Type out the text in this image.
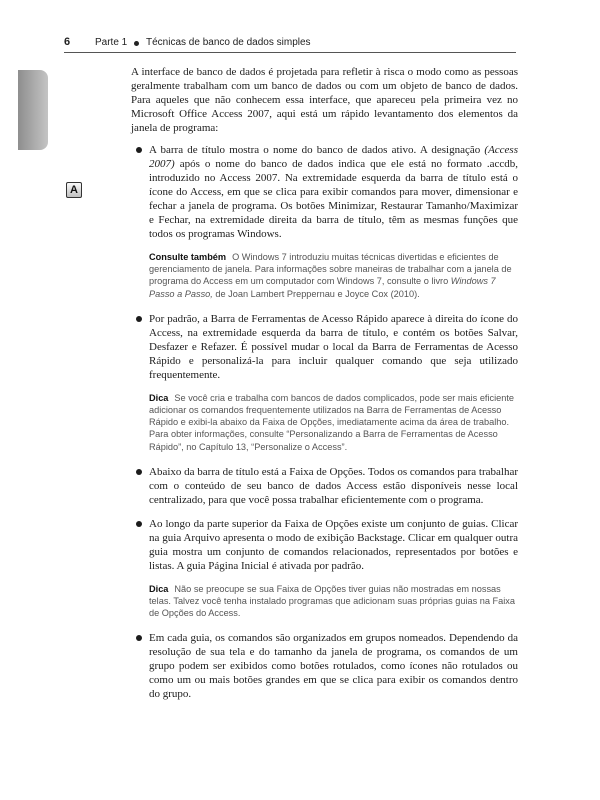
6 Parte 1 Técnicas de banco de dados simples
A

A interface de banco de dados é projetada para refletir à risca o modo como as pessoas geralmente trabalham com um banco de dados ou com um objeto de banco de dados. Para aqueles que não conhecem essa interface, que apareceu pela primeira vez no Microsoft Office Access 2007, aqui está um rápido levantamento dos elementos da janela de programa:

A barra de título mostra o nome do banco de dados ativo. A designação (Access 2007) após o nome do banco de dados indica que ele está no formato .accdb, introduzido no Access 2007. Na extremidade esquerda da barra de título está o ícone do Access, em que se clica para exibir comandos para mover, dimensionar e fechar a janela de programa. Os botões Minimizar, Restaurar Tamanho/Maximizar e Fechar, na extremidade direita da barra de título, têm as mesmas funções que todos os programas Windows.
Consulte também O Windows 7 introduziu muitas técnicas divertidas e eficientes de gerenciamento de janela. Para informações sobre maneiras de trabalhar com a janela de programa do Access em um computador com Windows 7, consulte o livro Windows 7 Passo a Passo, de Joan Lambert Preppernau e Joyce Cox (2010).
Por padrão, a Barra de Ferramentas de Acesso Rápido aparece à direita do ícone do Access, na extremidade esquerda da barra de título, e contém os botões Salvar, Desfazer e Refazer. É possível mudar o local da Barra de Ferramentas de Acesso Rápido e personalizá-la para incluir qualquer comando que seja utilizado frequentemente.
Dica Se você cria e trabalha com bancos de dados complicados, pode ser mais eficiente adicionar os comandos frequentemente utilizados na Barra de Ferramentas de Acesso Rápido e exibi-la abaixo da Faixa de Opções, imediatamente acima da área de trabalho. Para obter informações, consulte “Personalizando a Barra de Ferramentas de Acesso Rápido”, no Capítulo 13, “Personalize o Access”.
Abaixo da barra de título está a Faixa de Opções. Todos os comandos para trabalhar com o conteúdo de seu banco de dados Access estão disponíveis nesse local centralizado, para que você possa trabalhar eficientemente com o programa.
Ao longo da parte superior da Faixa de Opções existe um conjunto de guias. Clicar na guia Arquivo apresenta o modo de exibição Backstage. Clicar em qualquer outra guia mostra um conjunto de comandos relacionados, representados por botões e listas. A guia Página Inicial é ativada por padrão.
Dica Não se preocupe se sua Faixa de Opções tiver guias não mostradas em nossas telas. Talvez você tenha instalado programas que adicionam suas próprias guias na Faixa de Opções do Access.
Em cada guia, os comandos são organizados em grupos nomeados. Dependendo da resolução de sua tela e do tamanho da janela de programa, os comandos de um grupo podem ser exibidos como botões rotulados, como ícones não rotulados ou como um ou mais botões grandes em que se clica para exibir os comandos dentro do grupo.
